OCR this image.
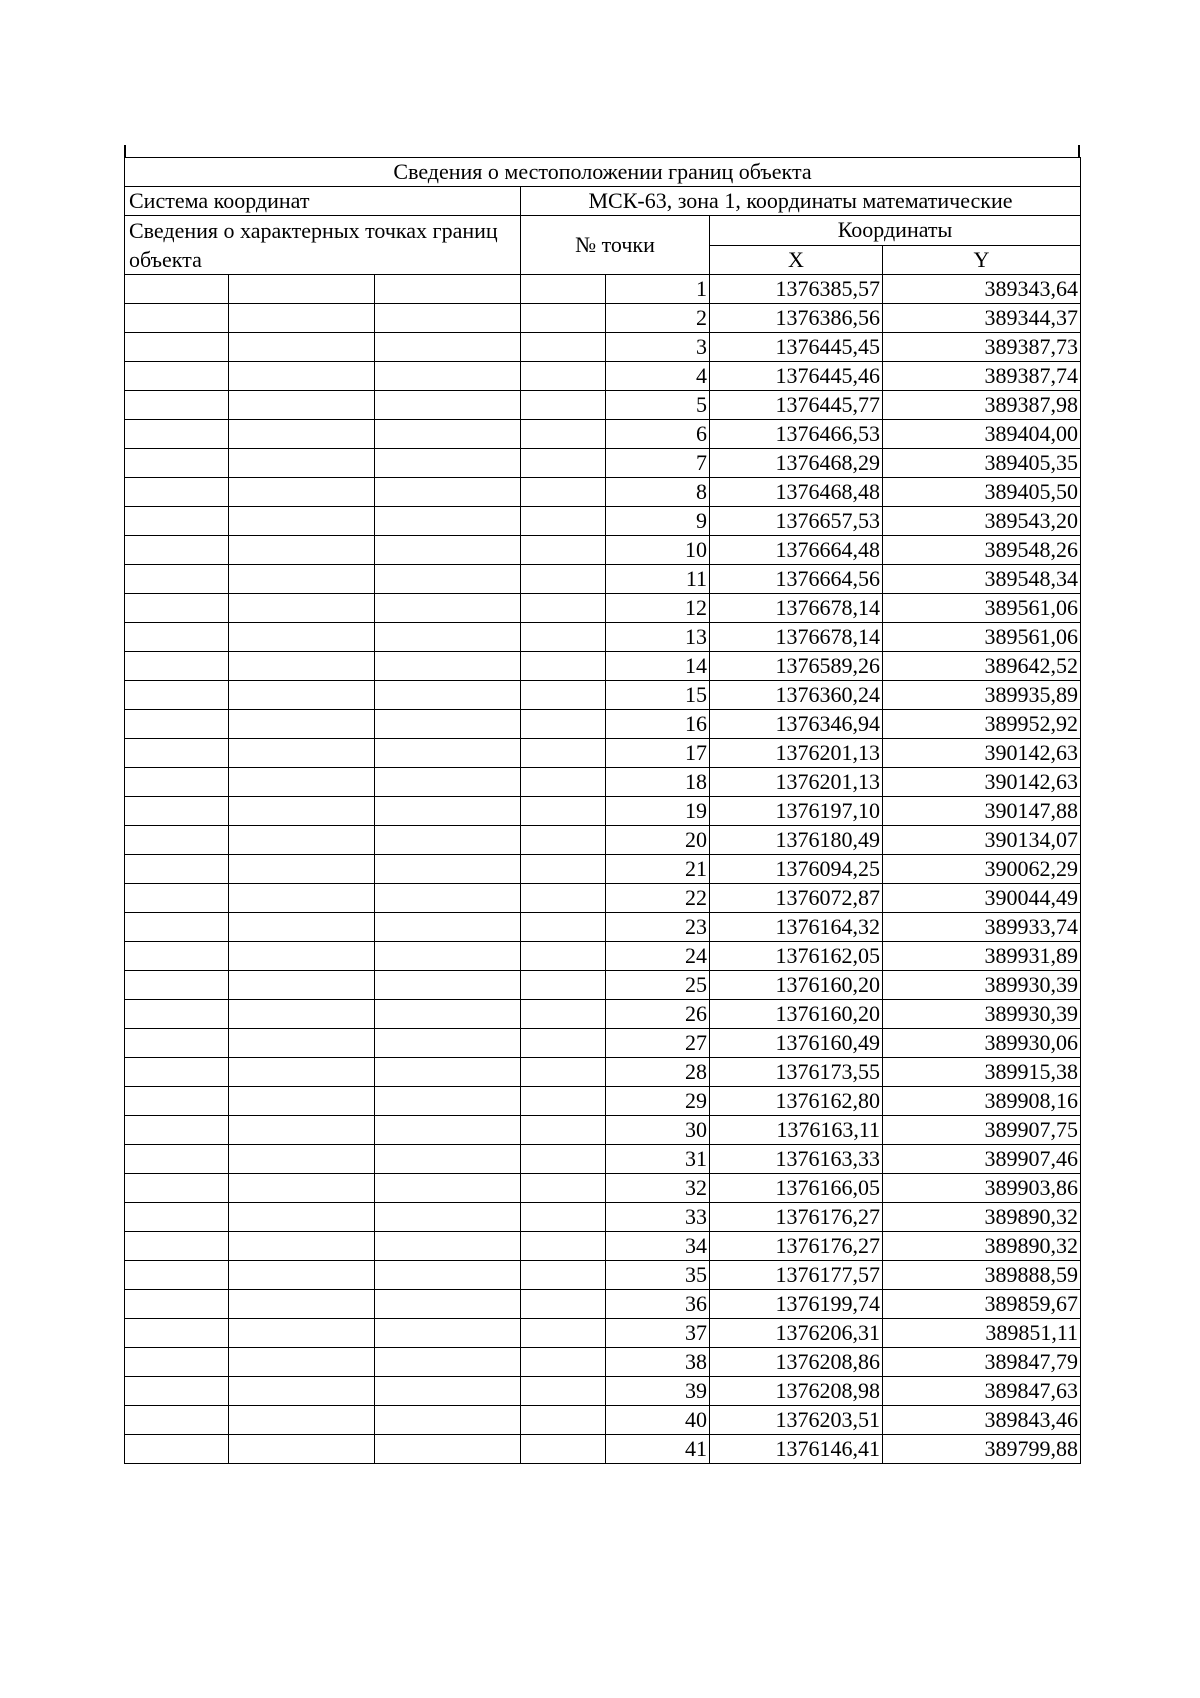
Сведения о местоположении границ объекта						
Система координат			МСК-63, зона 1, координаты математические			
Сведения о характерных точках границ объекта			№ точки		Координаты	
					X	Y
				1	1376385,57	389343,64
				2	1376386,56	389344,37
				3	1376445,45	389387,73
				4	1376445,46	389387,74
				5	1376445,77	389387,98
				6	1376466,53	389404,00
				7	1376468,29	389405,35
				8	1376468,48	389405,50
				9	1376657,53	389543,20
				10	1376664,48	389548,26
				11	1376664,56	389548,34
				12	1376678,14	389561,06
				13	1376678,14	389561,06
				14	1376589,26	389642,52
				15	1376360,24	389935,89
				16	1376346,94	389952,92
				17	1376201,13	390142,63
				18	1376201,13	390142,63
				19	1376197,10	390147,88
				20	1376180,49	390134,07
				21	1376094,25	390062,29
				22	1376072,87	390044,49
				23	1376164,32	389933,74
				24	1376162,05	389931,89
				25	1376160,20	389930,39
				26	1376160,20	389930,39
				27	1376160,49	389930,06
				28	1376173,55	389915,38
				29	1376162,80	389908,16
				30	1376163,11	389907,75
				31	1376163,33	389907,46
				32	1376166,05	389903,86
				33	1376176,27	389890,32
				34	1376176,27	389890,32
				35	1376177,57	389888,59
				36	1376199,74	389859,67
				37	1376206,31	389851,11
				38	1376208,86	389847,79
				39	1376208,98	389847,63
				40	1376203,51	389843,46
				41	1376146,41	389799,88
